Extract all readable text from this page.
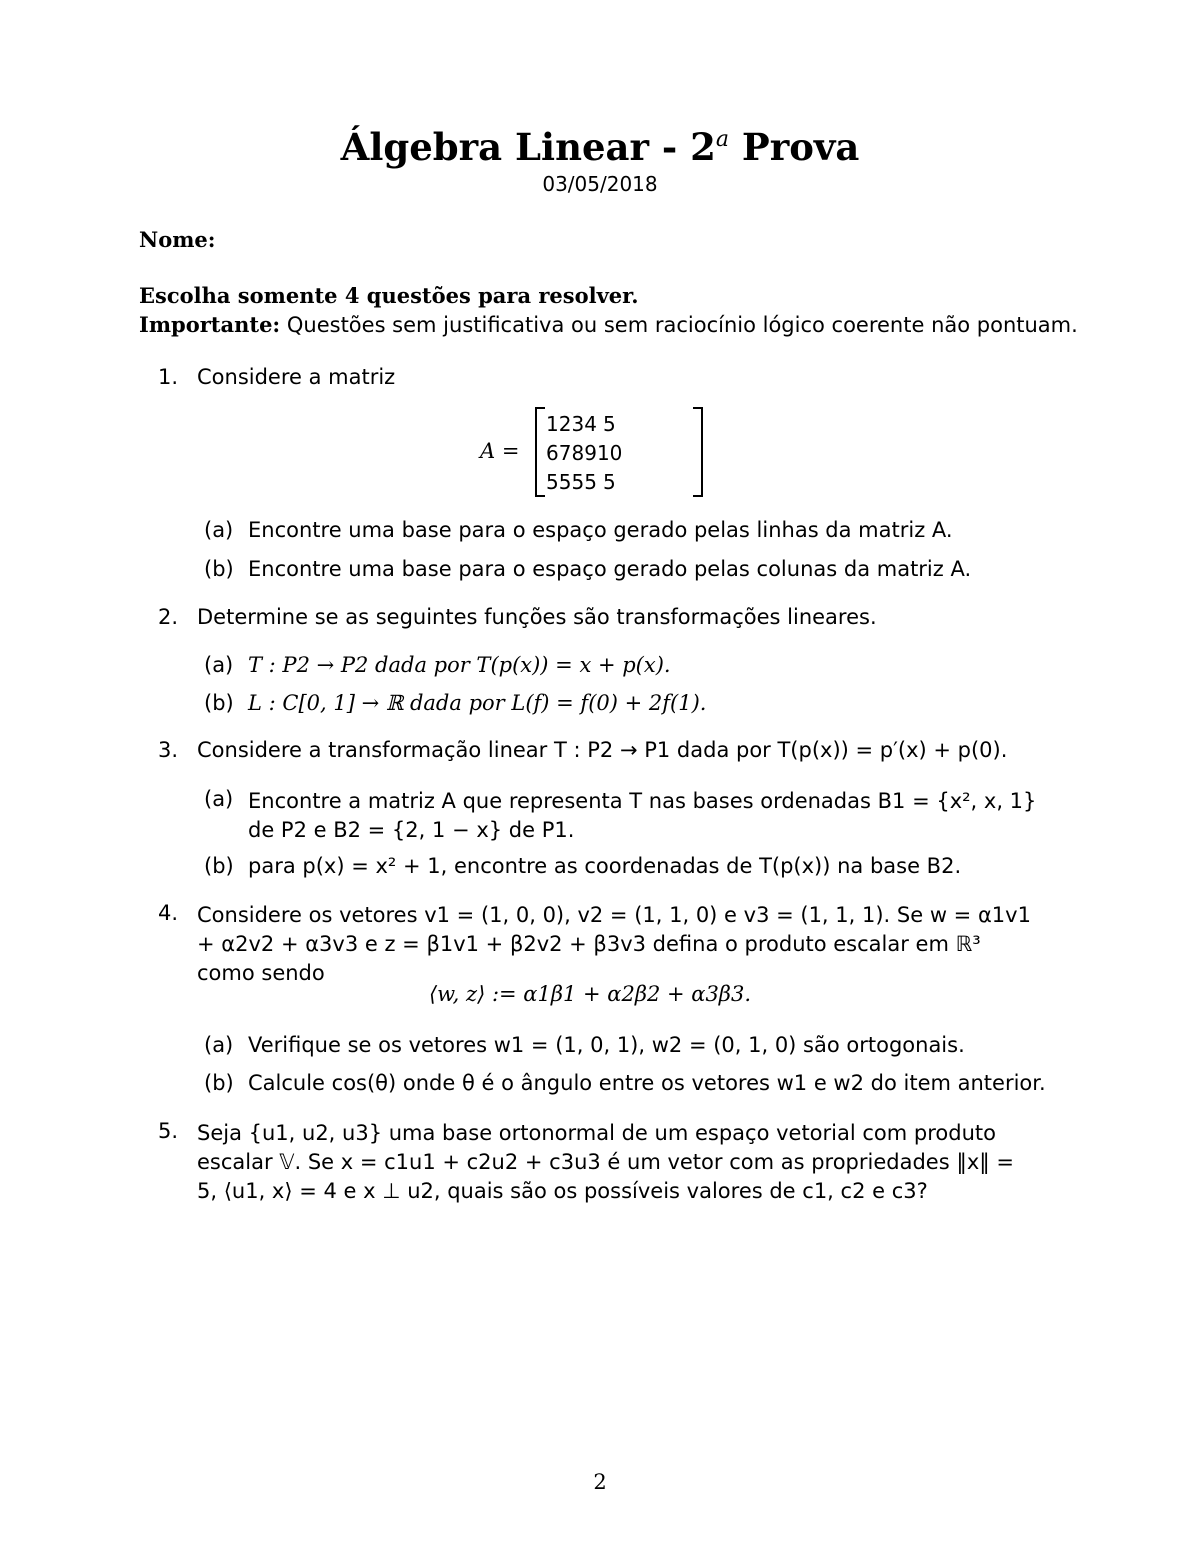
Álgebra Linear - 2$^a$ Prova
03/05/2018
Nome:
Escolha somente 4 questões para resolver.
Importante: Questões sem justificativa ou sem raciocínio lógico coerente não pontuam.
1. Considere a matriz
A =
1	2	3	4	5
6	7	8	9	10
5	5	5	5	5
(a) Encontre uma base para o espaço gerado pelas linhas da matriz A.
(b) Encontre uma base para o espaço gerado pelas colunas da matriz A.
2. Determine se as seguintes funções são transformações lineares.
(a) T : P2 → P2 dada por T(p(x)) = x + p(x).
(b) L : C[0, 1] → ℝ dada por L(f) = f(0) + 2f(1).
3. Considere a transformação linear T : P2 → P1 dada por T(p(x)) = p′(x) + p(0).
(a) Encontre a matriz A que representa T nas bases ordenadas B1 = {x², x, 1} de P2 e B2 = {2, 1 − x} de P1.
(b) para p(x) = x² + 1, encontre as coordenadas de T(p(x)) na base B2.
4. Considere os vetores v1 = (1, 0, 0), v2 = (1, 1, 0) e v3 = (1, 1, 1). Se w = α1v1 + α2v2 + α3v3 e z = β1v1 + β2v2 + β3v3 defina o produto escalar em ℝ³ como sendo
⟨w, z⟩ := α1β1 + α2β2 + α3β3.
(a) Verifique se os vetores w1 = (1, 0, 1), w2 = (0, 1, 0) são ortogonais.
(b) Calcule cos(θ) onde θ é o ângulo entre os vetores w1 e w2 do item anterior.
5. Seja {u1, u2, u3} uma base ortonormal de um espaço vetorial com produto escalar 𝕍. Se x = c1u1 + c2u2 + c3u3 é um vetor com as propriedades ‖x‖ = 5, ⟨u1, x⟩ = 4 e x ⊥ u2, quais são os possíveis valores de c1, c2 e c3?
2
